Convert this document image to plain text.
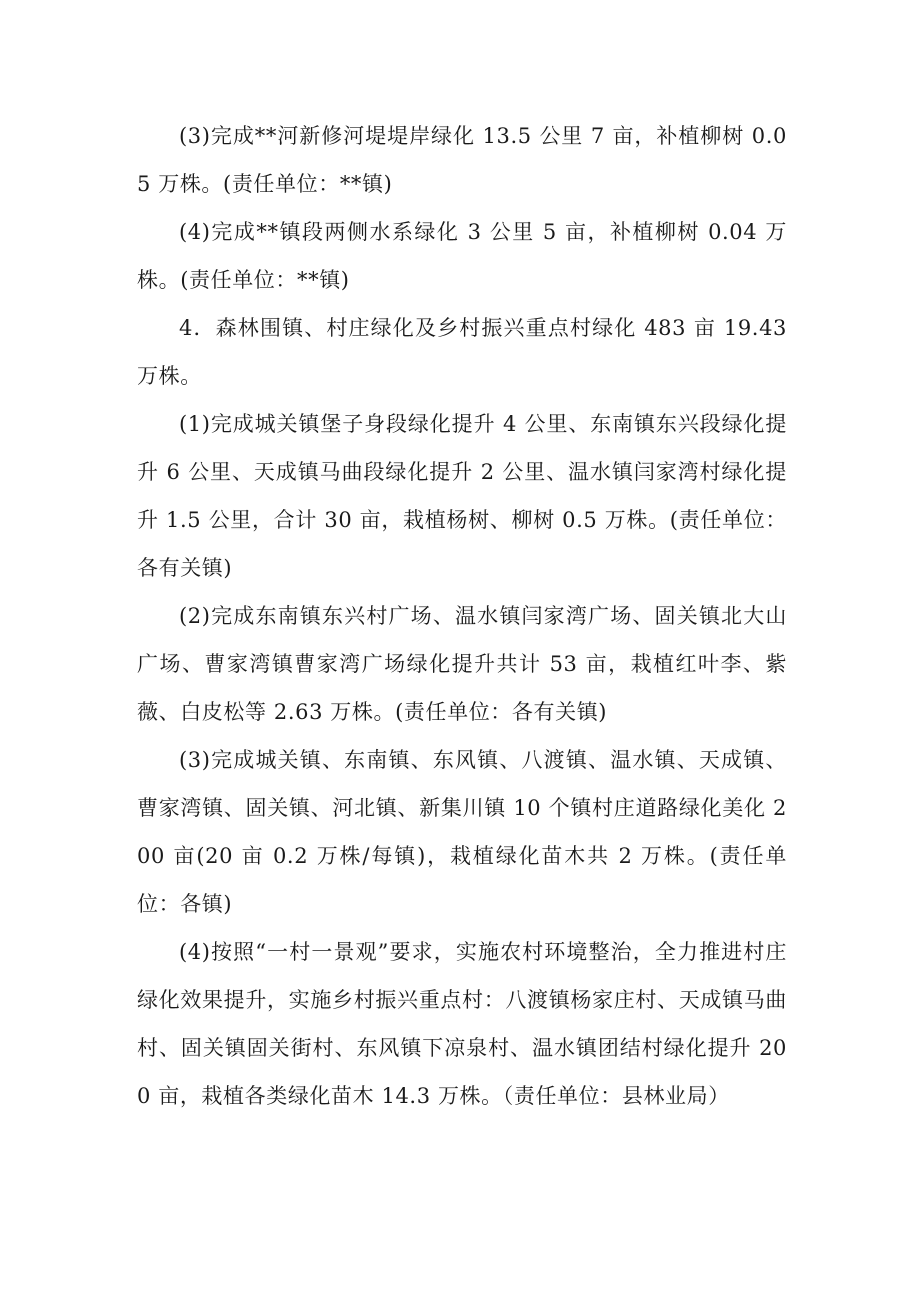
(3)完成**河新修河堤堤岸绿化 13.5 公里 7 亩，补植柳树 0.05 万株。(责任单位：**镇)

(4)完成**镇段两侧水系绿化 3 公里 5 亩，补植柳树 0.04 万株。(责任单位：**镇)

4．森林围镇、村庄绿化及乡村振兴重点村绿化 483 亩 19.43 万株。

(1)完成城关镇堡子身段绿化提升 4 公里、东南镇东兴段绿化提升 6 公里、天成镇马曲段绿化提升 2 公里、温水镇闫家湾村绿化提升 1.5 公里，合计 30 亩，栽植杨树、柳树 0.5 万株。(责任单位：各有关镇)

(2)完成东南镇东兴村广场、温水镇闫家湾广场、固关镇北大山广场、曹家湾镇曹家湾广场绿化提升共计 53 亩，栽植红叶李、紫薇、白皮松等 2.63 万株。(责任单位：各有关镇)

(3)完成城关镇、东南镇、东风镇、八渡镇、温水镇、天成镇、曹家湾镇、固关镇、河北镇、新集川镇 10 个镇村庄道路绿化美化 200 亩(20 亩 0.2 万株/每镇)，栽植绿化苗木共 2 万株。(责任单位：各镇)

(4)按照“一村一景观”要求，实施农村环境整治，全力推进村庄绿化效果提升，实施乡村振兴重点村：八渡镇杨家庄村、天成镇马曲村、固关镇固关街村、东风镇下凉泉村、温水镇团结村绿化提升 200 亩，栽植各类绿化苗木 14.3 万株。（责任单位：县林业局）
